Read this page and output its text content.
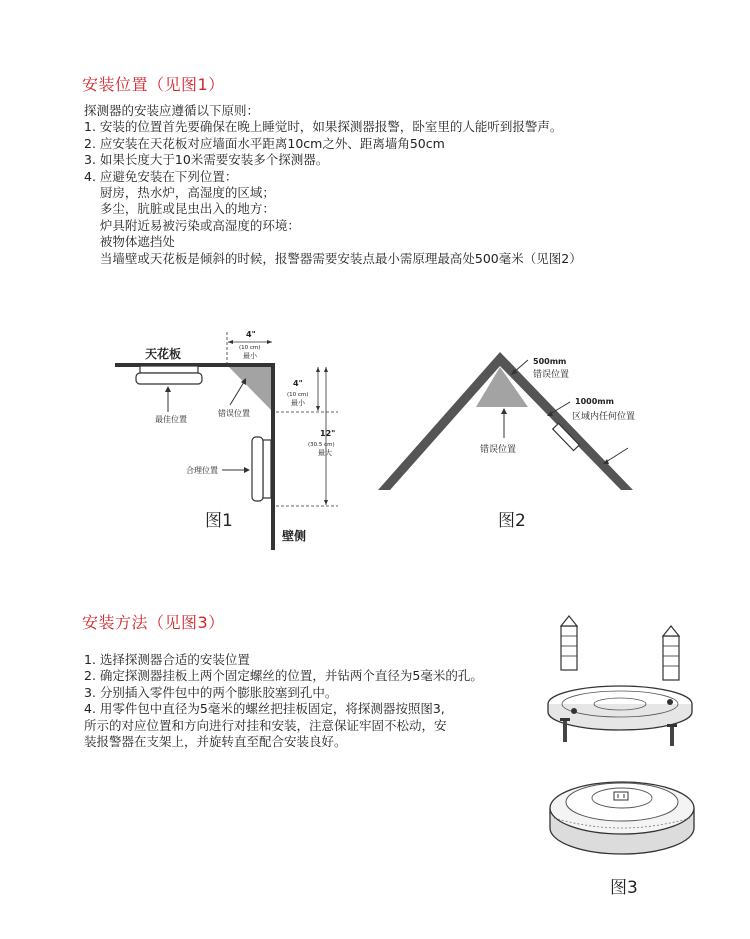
安装位置（见图1）
探测器的安装应遵循以下原则：
1. 安装的位置首先要确保在晚上睡觉时，如果探测器报警，卧室里的人能听到报警声。
2. 应安装在天花板对应墙面水平距离10cm之外、距离墙角50cm
3. 如果长度大于10米需要安装多个探测器。
4. 应避免安装在下列位置：
厨房，热水炉，高湿度的区域；
多尘，肮脏或昆虫出入的地方：
炉具附近易被污染或高湿度的环境：
被物体遮挡处
当墙壁或天花板是倾斜的时候，报警器需要安装点最小需原理最高处500毫米（见图2）
天花板
壁侧
最佳位置
错误位置
合理位置
4"
(10 cm)
最小
4"
(10 cm)
最小
12"
(30.5 cm)
最大
图1
500mm
错误位置
1000mm
区域内任何位置
错误位置
图2
安装方法（见图3）
1. 选择探测器合适的安装位置
2. 确定探测器挂板上两个固定螺丝的位置，并钻两个直径为5毫米的孔。
3. 分别插入零件包中的两个膨胀胶塞到孔中。
4. 用零件包中直径为5毫米的螺丝把挂板固定，将探测器按照图3,
所示的对应位置和方向进行对挂和安装，注意保证牢固不松动，安
装报警器在支架上，并旋转直至配合安装良好。
图3
